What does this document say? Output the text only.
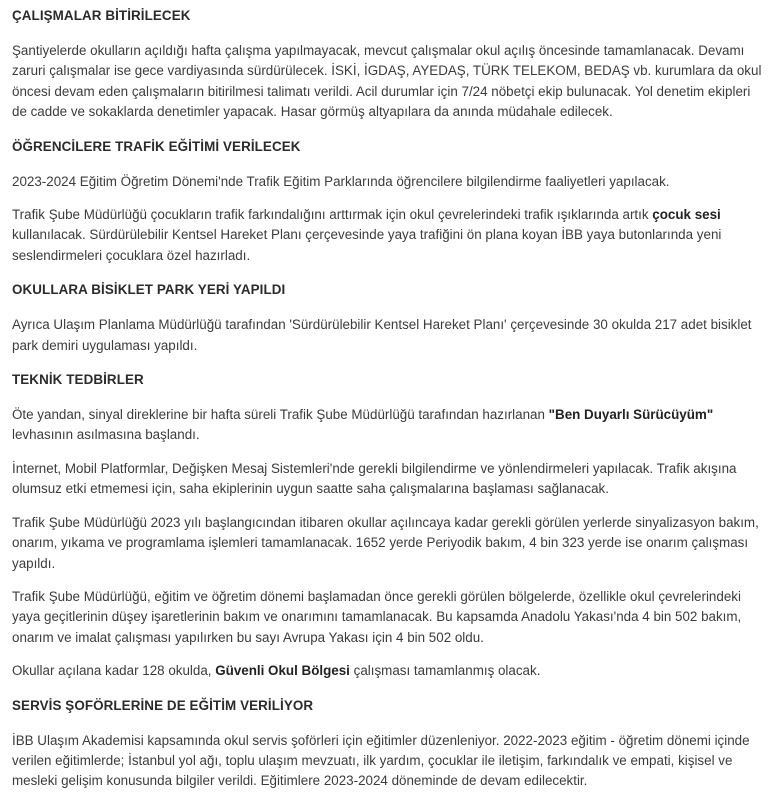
ÇALIŞMALAR BİTİRİLECEK

Şantiyelerde okulların açıldığı hafta çalışma yapılmayacak, mevcut çalışmalar okul açılış öncesinde tamamlanacak. Devamı zaruri çalışmalar ise gece vardiyasında sürdürülecek. İSKİ, İGDAŞ, AYEDAŞ, TÜRK TELEKOM, BEDAŞ vb. kurumlara da okul öncesi devam eden çalışmaların bitirilmesi talimatı verildi. Acil durumlar için 7/24 nöbetçi ekip bulunacak. Yol denetim ekipleri de cadde ve sokaklarda denetimler yapacak. Hasar görmüş altyapılara da anında müdahale edilecek.

ÖĞRENCİLERE TRAFİK EĞİTİMİ VERİLECEK

2023-2024 Eğitim Öğretim Dönemi'nde Trafik Eğitim Parklarında öğrencilere bilgilendirme faaliyetleri yapılacak.

Trafik Şube Müdürlüğü çocukların trafik farkındalığını arttırmak için okul çevrelerindeki trafik ışıklarında artık çocuk sesi kullanılacak. Sürdürülebilir Kentsel Hareket Planı çerçevesinde yaya trafiğini ön plana koyan İBB yaya butonlarında yeni seslendirmeleri çocuklara özel hazırladı.

OKULLARA BİSİKLET PARK YERİ YAPILDI

Ayrıca Ulaşım Planlama Müdürlüğü tarafından 'Sürdürülebilir Kentsel Hareket Planı' çerçevesinde 30 okulda 217 adet bisiklet park demiri uygulaması yapıldı.

TEKNİK TEDBİRLER

Öte yandan, sinyal direklerine bir hafta süreli Trafik Şube Müdürlüğü tarafından hazırlanan "Ben Duyarlı Sürücüyüm" levhasının asılmasına başlandı.

İnternet, Mobil Platformlar, Değişken Mesaj Sistemleri'nde gerekli bilgilendirme ve yönlendirmeleri yapılacak. Trafik akışına olumsuz etki etmemesi için, saha ekiplerinin uygun saatte saha çalışmalarına başlaması sağlanacak.

Trafik Şube Müdürlüğü 2023 yılı başlangıcından itibaren okullar açılıncaya kadar gerekli görülen yerlerde sinyalizasyon bakım, onarım, yıkama ve programlama işlemleri tamamlanacak. 1652 yerde Periyodik bakım, 4 bin 323 yerde ise onarım çalışması yapıldı.

Trafik Şube Müdürlüğü, eğitim ve öğretim dönemi başlamadan önce gerekli görülen bölgelerde, özellikle okul çevrelerindeki yaya geçitlerinin düşey işaretlerinin bakım ve onarımını tamamlanacak. Bu kapsamda Anadolu Yakası'nda 4 bin 502 bakım, onarım ve imalat çalışması yapılırken bu sayı Avrupa Yakası için 4 bin 502 oldu.

Okullar açılana kadar 128 okulda, Güvenli Okul Bölgesi çalışması tamamlanmış olacak.

SERVİS ŞOFÖRLERİNE DE EĞİTİM VERİLİYOR

İBB Ulaşım Akademisi kapsamında okul servis şoförleri için eğitimler düzenleniyor. 2022-2023 eğitim - öğretim dönemi içinde verilen eğitimlerde; İstanbul yol ağı, toplu ulaşım mevzuatı, ilk yardım, çocuklar ile iletişim, farkındalık ve empati, kişisel ve mesleki gelişim konusunda bilgiler verildi. Eğitimlere 2023-2024 döneminde de devam edilecektir.
